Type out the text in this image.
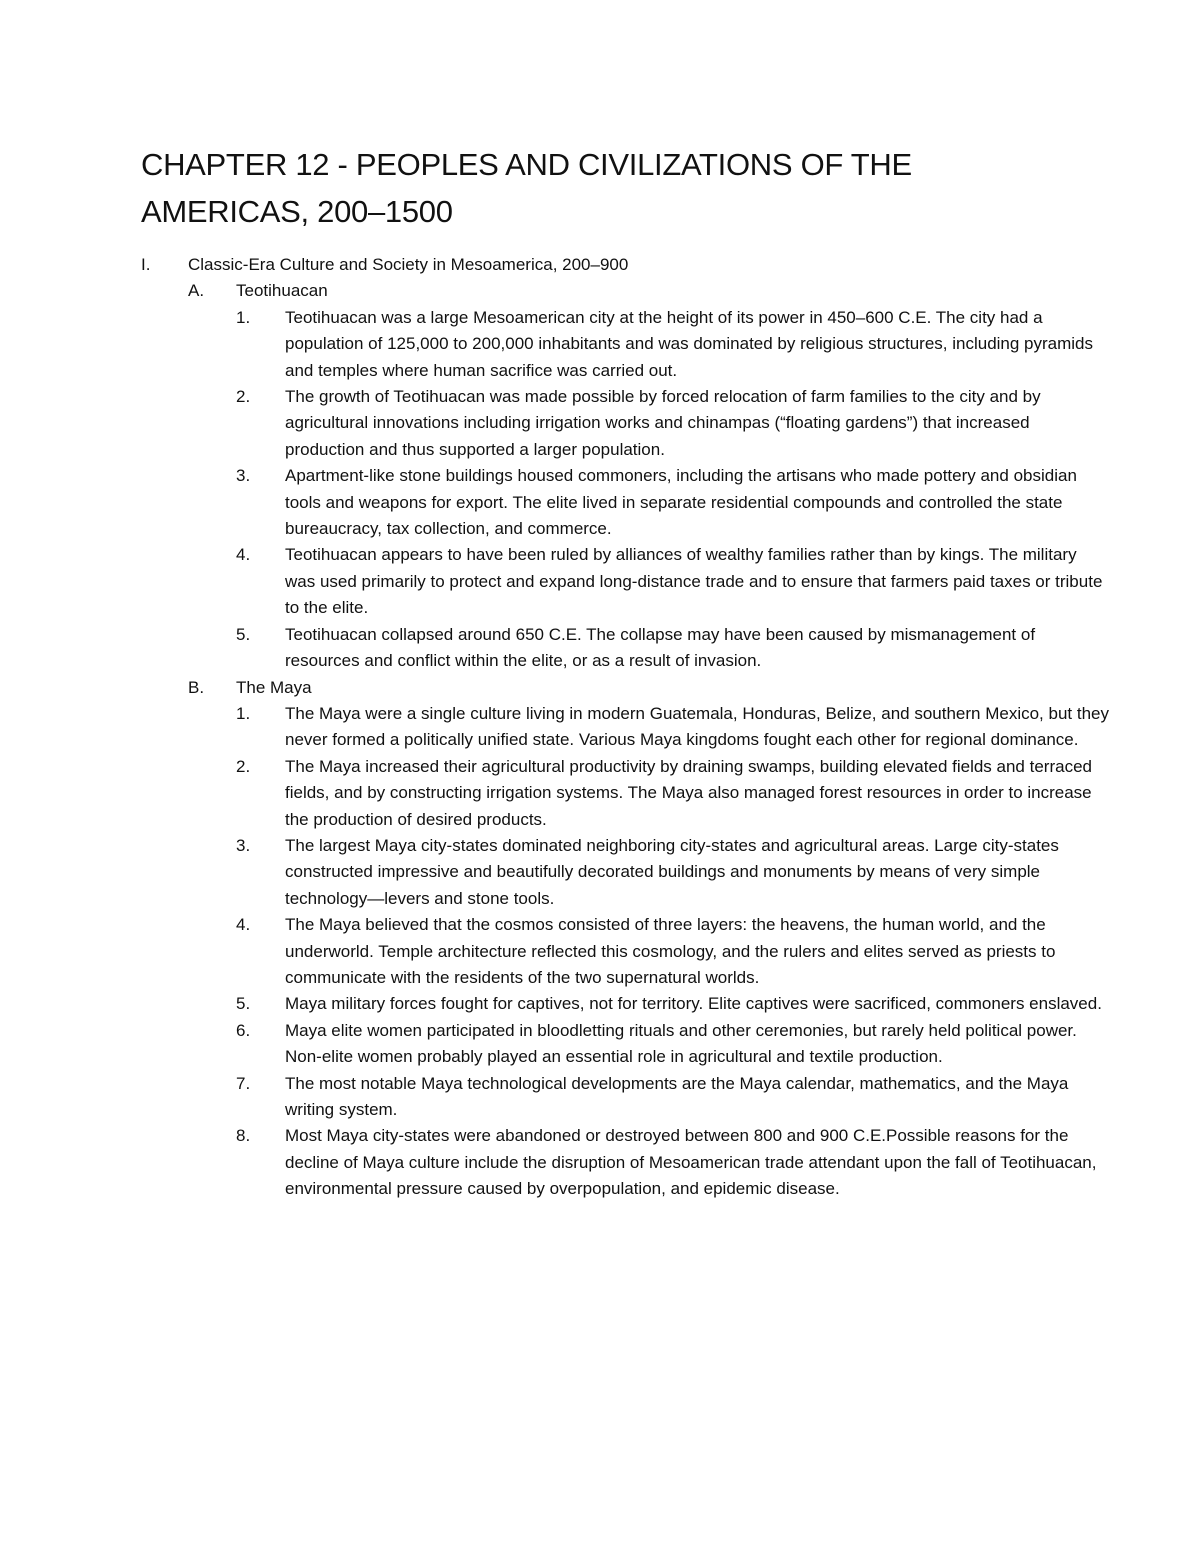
CHAPTER 12 - PEOPLES AND CIVILIZATIONS OF THE AMERICAS, 200–1500
I.	Classic-Era Culture and Society in Mesoamerica, 200–900
A.	Teotihuacan
1.	Teotihuacan was a large Mesoamerican city at the height of its power in 450–600 C.E. The city had a population of 125,000 to 200,000 inhabitants and was dominated by religious structures, including pyramids and temples where human sacrifice was carried out.
2.	The growth of Teotihuacan was made possible by forced relocation of farm families to the city and by agricultural innovations including irrigation works and chinampas (“floating gardens”) that increased production and thus supported a larger population.
3.	Apartment-like stone buildings housed commoners, including the artisans who made pottery and obsidian tools and weapons for export. The elite lived in separate residential compounds and controlled the state bureaucracy, tax collection, and commerce.
4.	Teotihuacan appears to have been ruled by alliances of wealthy families rather than by kings. The military was used primarily to protect and expand long-distance trade and to ensure that farmers paid taxes or tribute to the elite.
5.	Teotihuacan collapsed around 650 C.E. The collapse may have been caused by mismanagement of resources and conflict within the elite, or as a result of invasion.
B.	The Maya
1.	The Maya were a single culture living in modern Guatemala, Honduras, Belize, and southern Mexico, but they never formed a politically unified state. Various Maya kingdoms fought each other for regional dominance.
2.	The Maya increased their agricultural productivity by draining swamps, building elevated fields and terraced fields, and by constructing irrigation systems. The Maya also managed forest resources in order to increase the production of desired products.
3.	The largest Maya city-states dominated neighboring city-states and agricultural areas. Large city-states constructed impressive and beautifully decorated buildings and monuments by means of very simple technology—levers and stone tools.
4.	The Maya believed that the cosmos consisted of three layers: the heavens, the human world, and the underworld. Temple architecture reflected this cosmology, and the rulers and elites served as priests to communicate with the residents of the two supernatural worlds.
5.	Maya military forces fought for captives, not for territory. Elite captives were sacrificed, commoners enslaved.
6.	Maya elite women participated in bloodletting rituals and other ceremonies, but rarely held political power. Non-elite women probably played an essential role in agricultural and textile production.
7.	The most notable Maya technological developments are the Maya calendar, mathematics, and the Maya writing system.
8.	Most Maya city-states were abandoned or destroyed between 800 and 900 C.E.Possible reasons for the decline of Maya culture include the disruption of Mesoamerican trade attendant upon the fall of Teotihuacan, environmental pressure caused by overpopulation, and epidemic disease.
